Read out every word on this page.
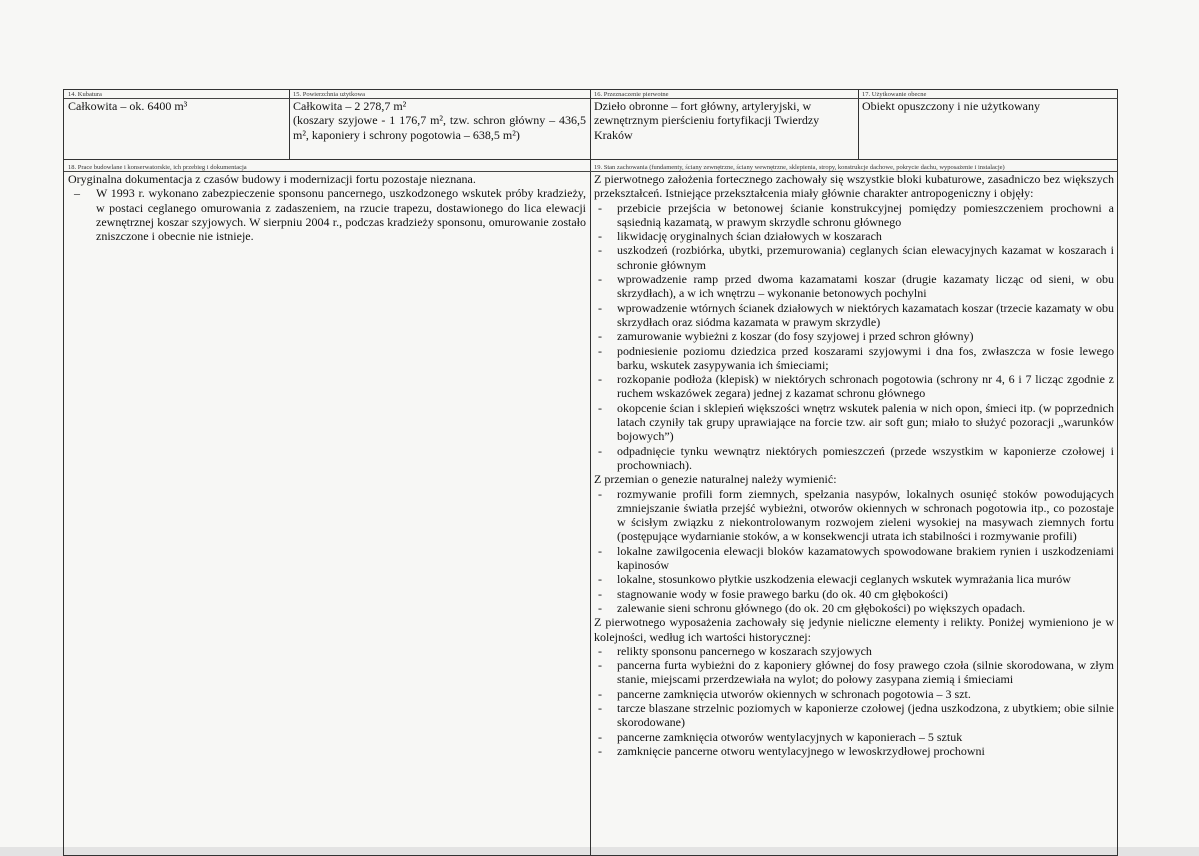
14. Kubatura
Całkowita – ok. 6400 m³
15. Powierzchnia użytkowa
Całkowita – 2 278,7 m²
(koszary szyjowe - 1 176,7 m², tzw. schron główny – 436,5 m², kaponiery i schrony pogotowia – 638,5 m²)
16. Przeznaczenie pierwotne
Dzieło obronne – fort główny, artyleryjski, w zewnętrznym pierścieniu fortyfikacji Twierdzy Kraków
17. Użytkowanie obecne
Obiekt opuszczony i nie użytkowany
18. Prace budowlane i konserwatorskie, ich przebieg i dokumentacja
Oryginalna dokumentacja z czasów budowy i modernizacji fortu pozostaje nieznana.
– W 1993 r. wykonano zabezpieczenie sponsonu pancernego, uszkodzonego wskutek próby kradzieży, w postaci ceglanego omurowania z zadaszeniem, na rzucie trapezu, dostawionego do lica elewacji zewnętrznej koszar szyjowych. W sierpniu 2004 r., podczas kradzieży sponsonu, omurowanie zostało zniszczone i obecnie nie istnieje.
19. Stan zachowania (fundamenty, ściany zewnętrzne, ściany wewnętrzne, sklepienia, stropy, konstrukcje dachowe, pokrycie dachu, wyposażenie i instalacje)
Z pierwotnego założenia fortecznego zachowały się wszystkie bloki kubaturowe, zasadniczo bez większych przekształceń. Istniejące przekształcenia miały głównie charakter antropogeniczny i objęły:
- przebicie przejścia w betonowej ścianie konstrukcyjnej pomiędzy pomieszczeniem prochowni a sąsiednią kazamatą, w prawym skrzydle schronu głównego
- likwidację oryginalnych ścian działowych w koszarach
- uszkodzeń (rozbiórka, ubytki, przemurowania) ceglanych ścian elewacyjnych kazamat w koszarach i schronie głównym
- wprowadzenie ramp przed dwoma kazamatami koszar (drugie kazamaty licząc od sieni, w obu skrzydłach), a w ich wnętrzu – wykonanie betonowych pochylni
- wprowadzenie wtórnych ścianek działowych w niektórych kazamatach koszar (trzecie kazamaty w obu skrzydłach oraz siódma kazamata w prawym skrzydle)
- zamurowanie wybieżni z koszar (do fosy szyjowej i przed schron główny)
- podniesienie poziomu dziedzica przed koszarami szyjowymi i dna fos, zwłaszcza w fosie lewego barku, wskutek zasypywania ich śmieciami;
- rozkopanie podłoża (klepisk) w niektórych schronach pogotowia (schrony nr 4, 6 i 7 licząc zgodnie z ruchem wskazówek zegara) jednej z kazamat schronu głównego
- okopcenie ścian i sklepień większości wnętrz wskutek palenia w nich opon, śmieci itp. (w poprzednich latach czyniły tak grupy uprawiające na forcie tzw. air soft gun; miało to służyć pozoracji „warunków bojowych”)
- odpadnięcie tynku wewnątrz niektórych pomieszczeń (przede wszystkim w kaponierze czołowej i prochowniach).
Z przemian o genezie naturalnej należy wymienić:
- rozmywanie profili form ziemnych, spełzania nasypów, lokalnych osunięć stoków powodujących zmniejszanie światła przejść wybieżni, otworów okiennych w schronach pogotowia itp., co pozostaje w ścisłym związku z niekontrolowanym rozwojem zieleni wysokiej na masywach ziemnych fortu (postępujące wydarnianie stoków, a w konsekwencji utrata ich stabilności i rozmywanie profili)
- lokalne zawilgocenia elewacji bloków kazamatowych spowodowane brakiem rynien i uszkodzeniami kapinosów
- lokalne, stosunkowo płytkie uszkodzenia elewacji ceglanych wskutek wymrażania lica murów
- stagnowanie wody w fosie prawego barku (do ok. 40 cm głębokości)
- zalewanie sieni schronu głównego (do ok. 20 cm głębokości) po większych opadach.
Z pierwotnego wyposażenia zachowały się jedynie nieliczne elementy i relikty. Poniżej wymieniono je w kolejności, według ich wartości historycznej:
- relikty sponsonu pancernego w koszarach szyjowych
- pancerna furta wybieżni do z kaponiery głównej do fosy prawego czoła (silnie skorodowana, w złym stanie, miejscami przerdzewiała na wylot; do połowy zasypana ziemią i śmieciami
- pancerne zamknięcia utworów okiennych w schronach pogotowia – 3 szt.
- tarcze blaszane strzelnic poziomych w kaponierze czołowej (jedna uszkodzona, z ubytkiem; obie silnie skorodowane)
- pancerne zamknięcia otworów wentylacyjnych w kaponierach – 5 sztuk
- zamknięcie pancerne otworu wentylacyjnego w lewoskrzydłowej prochowni
